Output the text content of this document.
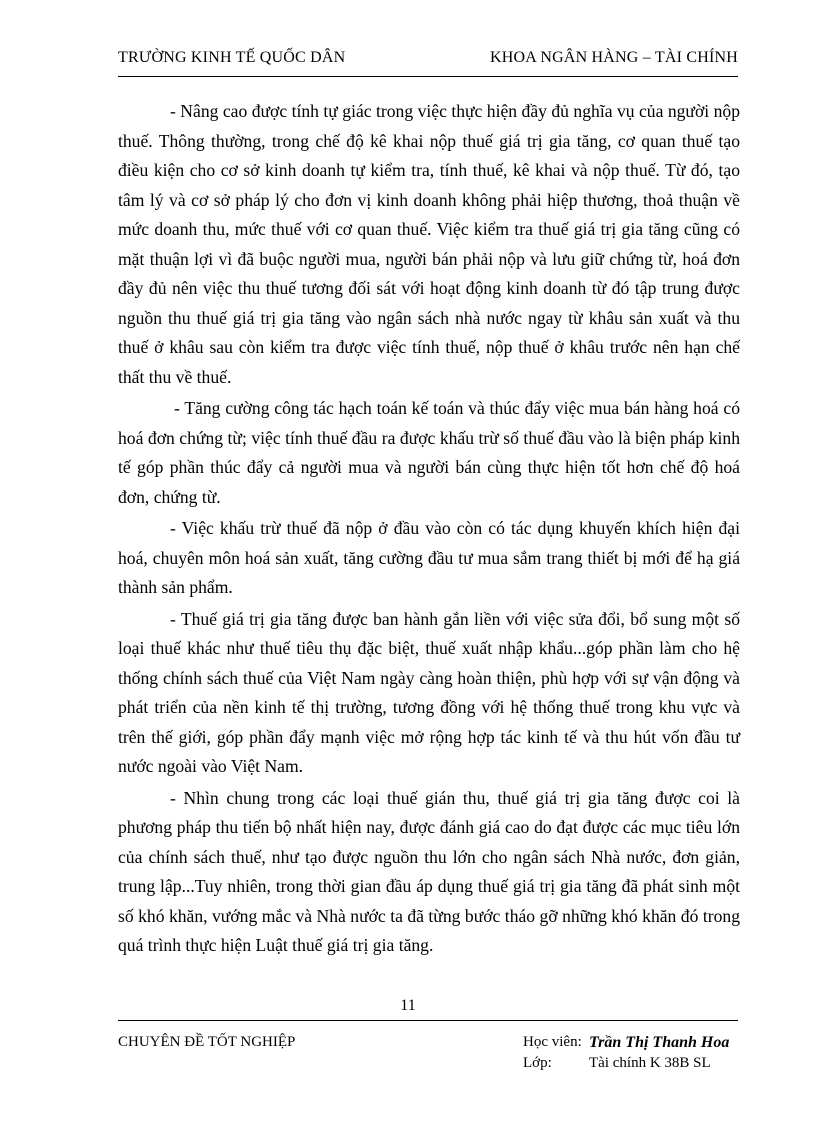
TRƯỜNG KINH TẾ QUỐC DÂN	KHOA NGÂN HÀNG – TÀI CHÍNH

- Nâng cao được tính tự giác trong việc thực hiện đầy đủ nghĩa vụ của người nộp thuế. Thông thường, trong chế độ kê khai nộp thuế giá trị gia tăng, cơ quan thuế tạo điều kiện cho cơ sở kinh doanh tự kiểm tra, tính thuế, kê khai và nộp thuế. Từ đó, tạo tâm lý và cơ sở pháp lý cho đơn vị kinh doanh không phải hiệp thương, thoả thuận về mức doanh thu, mức thuế với cơ quan thuế. Việc kiểm tra thuế giá trị gia tăng cũng có mặt thuận lợi vì đã buộc người mua, người bán phải nộp và lưu giữ chứng từ, hoá đơn đầy đủ nên việc thu thuế tương đối sát với hoạt động kinh doanh từ đó tập trung được nguồn thu thuế giá trị gia tăng vào ngân sách nhà nước ngay từ khâu sản xuất và thu thuế ở khâu sau còn kiểm tra được việc tính thuế, nộp thuế ở khâu trước nên hạn chế thất thu về thuế.

- Tăng cường công tác hạch toán kế toán và thúc đẩy việc mua bán hàng hoá có hoá đơn chứng từ; việc tính thuế đầu ra được khấu trừ số thuế đầu vào là biện pháp kinh tế góp phần thúc đẩy cả người mua và người bán cùng thực hiện tốt hơn chế độ hoá đơn, chứng từ.

- Việc khấu trừ thuế đã nộp ở đầu vào còn có tác dụng khuyến khích hiện đại hoá, chuyên môn hoá sản xuất, tăng cường đầu tư mua sắm trang thiết bị mới để hạ giá thành sản phẩm.

- Thuế giá trị gia tăng được ban hành gắn liền với việc sửa đổi, bổ sung một số loại thuế khác như thuế tiêu thụ đặc biệt, thuế xuất nhập khẩu...góp phần làm cho hệ thống chính sách thuế của Việt Nam ngày càng hoàn thiện, phù hợp với sự vận động và phát triển của nền kinh tế thị trường, tương đồng với hệ thống thuế trong khu vực và trên thế giới, góp phần đẩy mạnh việc mở rộng hợp tác kinh tế và thu hút vốn đầu tư nước ngoài vào Việt Nam.

- Nhìn chung trong các loại thuế gián thu, thuế giá trị gia tăng được coi là phương pháp thu tiến bộ nhất hiện nay, được đánh giá cao do đạt được các mục tiêu lớn của chính sách thuế, như tạo được nguồn thu lớn cho ngân sách Nhà nước, đơn giản, trung lập...Tuy nhiên, trong thời gian đầu áp dụng thuế giá trị gia tăng đã phát sinh một số khó khăn, vướng mắc và Nhà nước ta đã từng bước tháo gỡ những khó khăn đó trong quá trình thực hiện Luật thuế giá trị gia tăng.

11
CHUYÊN ĐỀ TỐT NGHIỆP	Học viên: Trần Thị Thanh Hoa
Lớp: Tài chính K 38B SL
